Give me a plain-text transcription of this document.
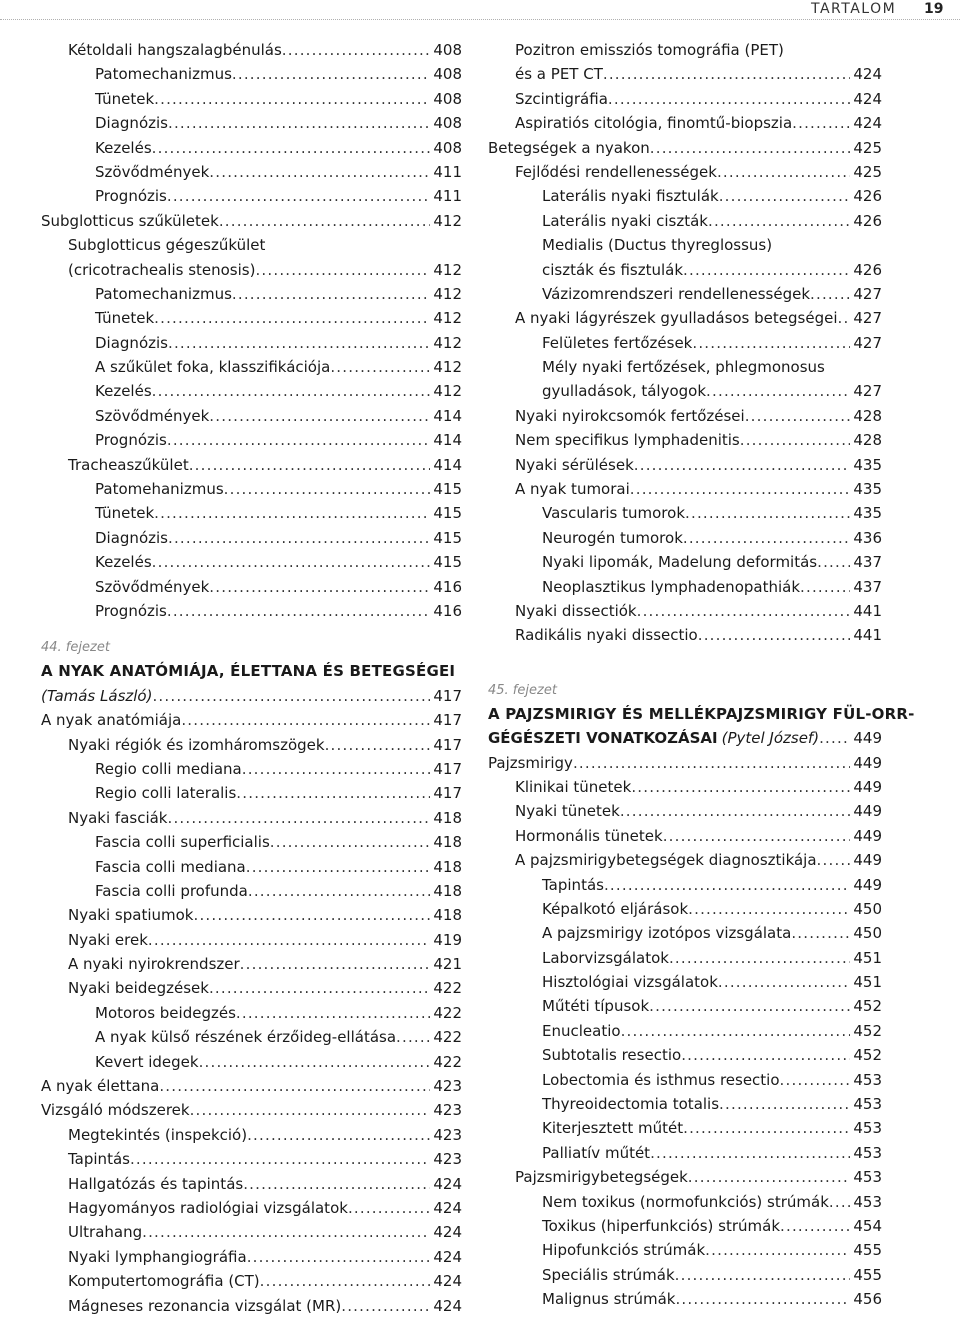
TARTALOM 19
Kétoldali hangszalagbénulás .....	408
Patomechanizmus .....	408
Tünetek .....	408
Diagnózis .....	408
Kezelés .....	408
Szövődmények .....	411
Prognózis .....	411
Subglotticus szűkületek .....	412
Subglotticus gégeszűkület
(cricotrachealis stenosis) .....	412
Patomechanizmus .....	412
Tünetek .....	412
Diagnózis .....	412
A szűkület foka, klasszifikációja .....	412
Kezelés .....	412
Szövődmények .....	414
Prognózis .....	414
Tracheaszűkület .....	414
Patomehanizmus .....	415
Tünetek .....	415
Diagnózis .....	415
Kezelés .....	415
Szövődmények .....	416
Prognózis .....	416
44. fejezet
A NYAK ANATÓMIÁJA, ÉLETTANA ÉS BETEGSÉGEI
(Tamás László) .....	417
A nyak anatómiája .....	417
Nyaki régiók és izomháromszögek .....	417
Regio colli mediana .....	417
Regio colli lateralis .....	417
Nyaki fasciák .....	418
Fascia colli superficialis .....	418
Fascia colli mediana .....	418
Fascia colli profunda .....	418
Nyaki spatiumok .....	418
Nyaki erek .....	419
A nyaki nyirokrendszer .....	421
Nyaki beidegzések .....	422
Motoros beidegzés .....	422
A nyak külső részének érzőideg-ellátása ..... 422
Kevert idegek .....	422
A nyak élettana .....	423
Vizsgáló módszerek .....	423
Megtekintés (inspekció) .....	423
Tapintás .....	423
Hallgatózás és tapintás .....	424
Hagyományos radiológiai vizsgálatok .....	424
Ultrahang .....	424
Nyaki lymphangiográfia .....	424
Komputertomográfia (CT) .....	424
Mágneses rezonancia vizsgálat (MR) .....	424
Pozitron emissziós tomográfia (PET)
és a PET CT .....	424
Szcintigráfia .....	424
Aspiratiós citológia, finomtű-biopszia .....	424
Betegségek a nyakon .....	425
Fejlődési rendellenességek .....	425
Laterális nyaki fisztulák .....	426
Laterális nyaki ciszták .....	426
Medialis (Ductus thyreglossus)
ciszták és fisztulák .....	426
Vázizomrendszeri rendellenességek .....	427
A nyaki lágyrészek gyulladásos betegségei ..... 427
Felületes fertőzések .....	427
Mély nyaki fertőzések, phlegmonosus
gyulladások, tályogok .....	427
Nyaki nyirokcsomók fertőzései .....	428
Nem specifikus lymphadenitis .....	428
Nyaki sérülések .....	435
A nyak tumorai .....	435
Vascularis tumorok .....	435
Neurogén tumorok .....	436
Nyaki lipomák, Madelung deformitás ..... 437
Neoplasztikus lymphadenopathiák .....	437
Nyaki dissectiók .....	441
Radikális nyaki dissectio .....	441
45. fejezet
A PAJZSMIRIGY ÉS MELLÉKPAJZSMIRIGY FÜL-ORR-
GÉGÉSZETI VONATKOZÁSAI (Pytel József) ..... 449
Pajzsmirigy .....	449
Klinikai tünetek .....	449
Nyaki tünetek .....	449
Hormonális tünetek .....	449
A pajzsmirigybetegségek diagnosztikája ..... 449
Tapintás .....	449
Képalkotó eljárások .....	450
A pajzsmirigy izotópos vizsgálata .....	450
Laborvizsgálatok .....	451
Hisztológiai vizsgálatok .....	451
Műtéti típusok .....	452
Enucleatio .....	452
Subtotalis resectio .....	452
Lobectomia és isthmus resectio .....	453
Thyreoidectomia totalis .....	453
Kiterjesztett műtét .....	453
Palliatív műtét .....	453
Pajzsmirigybetegségek .....	453
Nem toxikus (normofunkciós) strúmák ..... 453
Toxikus (hiperfunkciós) strúmák .....	454
Hipofunkciós strúmák .....	455
Speciális strúmák .....	455
Malignus strúmák .....	456
